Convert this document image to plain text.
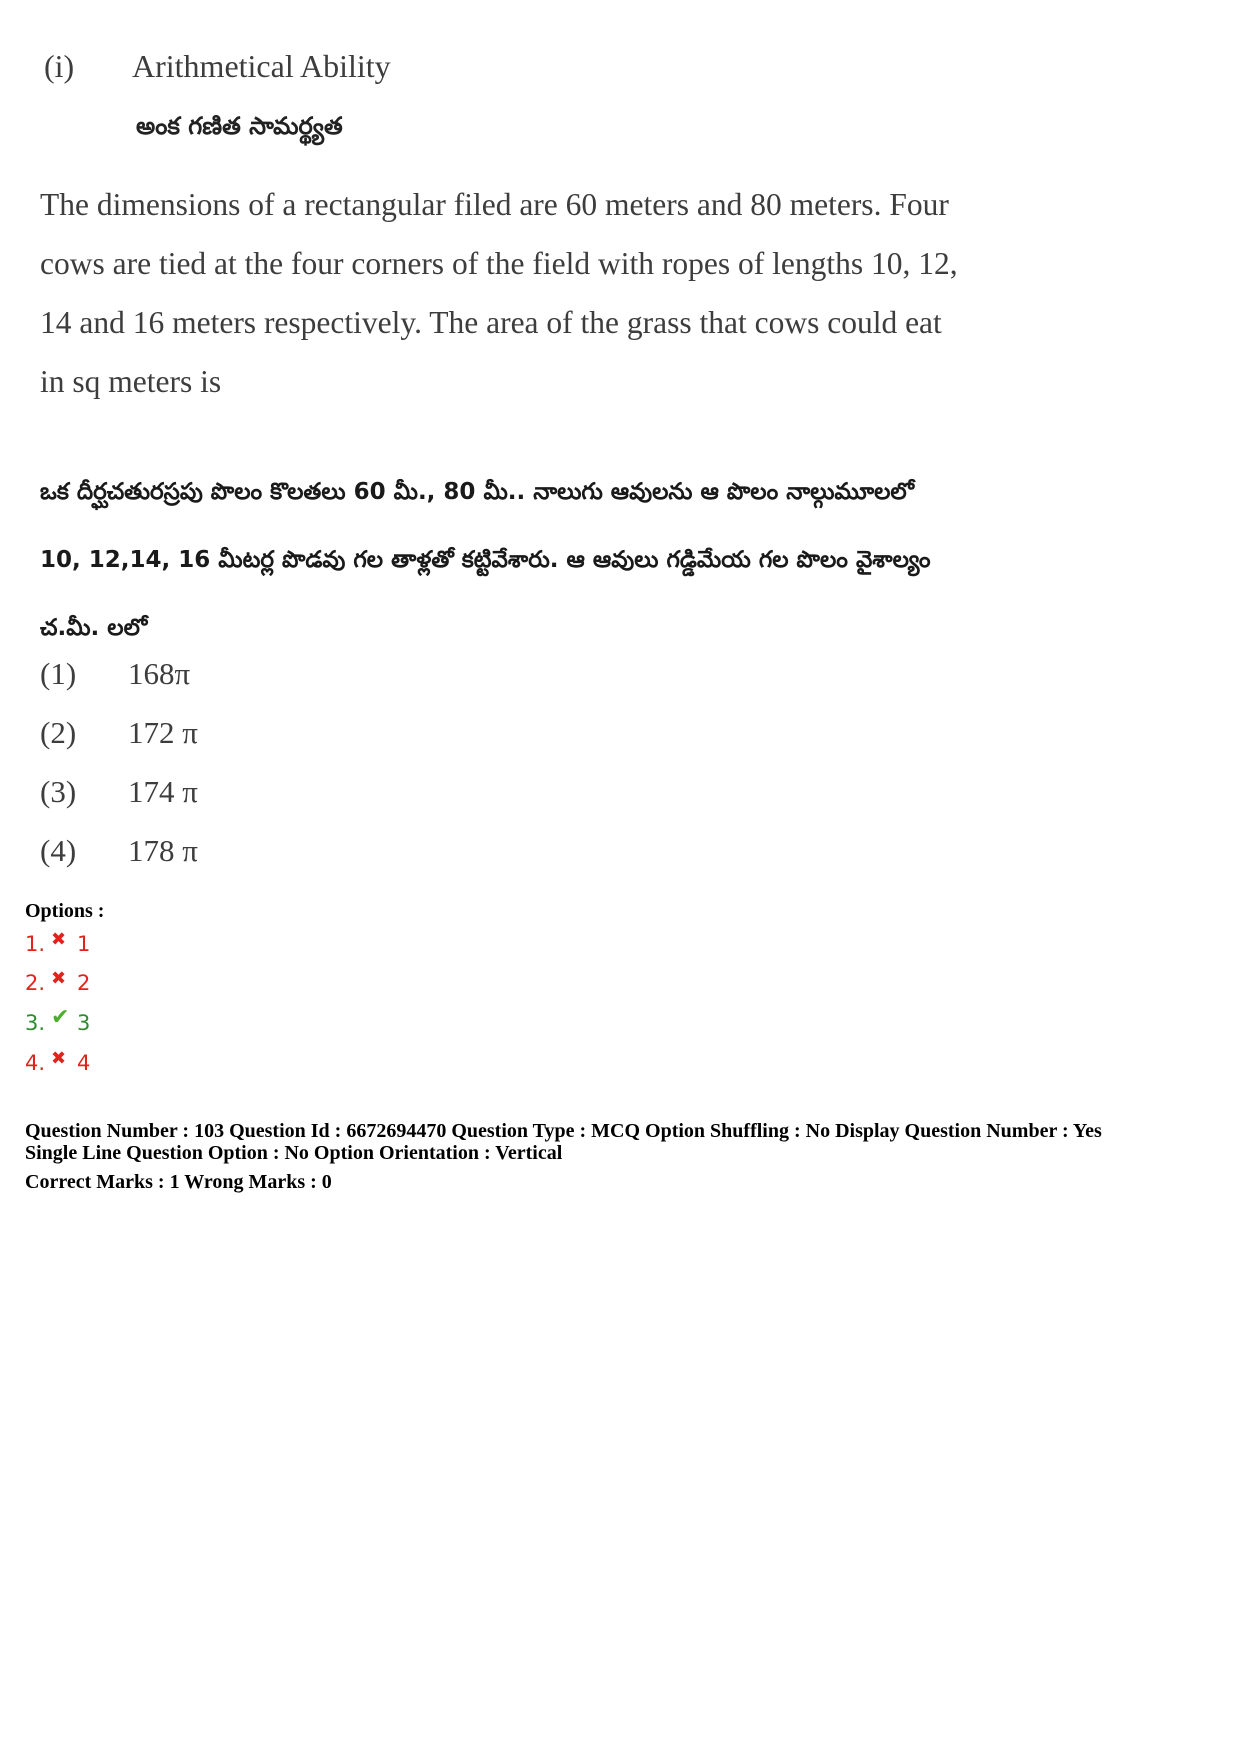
(i) Arithmetical Ability
అంక గణిత సామర్థ్యత
The dimensions of a rectangular filed are 60 meters and 80 meters. Four
cows are tied at the four corners of the field with ropes of lengths 10, 12,
14 and 16 meters respectively. The area of the grass that cows could eat
in sq meters is
ఒక దీర్ఘచతురస్రపు పొలం కొలతలు 60 మీ., 80 మీ.. నాలుగు ఆవులను ఆ పొలం నాల్గుమూలలో
10, 12,14, 16 మీటర్ల పొడవు గల తాళ్లతో కట్టివేశారు. ఆ ఆవులు గడ్డిమేయ గల పొలం వైశాల్యం
చ.మీ. లలో
(1) 168π
(2) 172 π
(3) 174 π
(4) 178 π
Options :
1. ✖ 1
2. ✖ 2
3. ✔ 3
4. ✖ 4
Question Number : 103 Question Id : 6672694470 Question Type : MCQ Option Shuffling : No Display Question Number : Yes
Single Line Question Option : No Option Orientation : Vertical
Correct Marks : 1 Wrong Marks : 0
